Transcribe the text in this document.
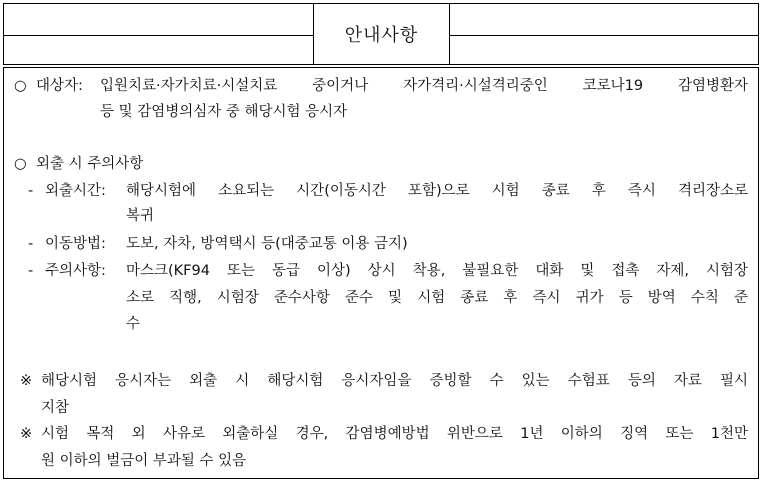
안내사항
○ 대상자: 입원치료·자가치료·시설치료 중이거나 자가격리·시설격리중인 코로나19 감염병환자
등 및 감염병의심자 중 해당시험 응시자
○ 외출 시 주의사항
- 외출시간: 해당시험에 소요되는 시간(이동시간 포함)으로 시험 종료 후 즉시 격리장소로
복귀
- 이동방법: 도보, 자차, 방역택시 등(대중교통 이용 금지)
- 주의사항: 마스크(KF94 또는 동급 이상) 상시 착용, 불필요한 대화 및 접촉 자제, 시험장
소로 직행, 시험장 준수사항 준수 및 시험 종료 후 즉시 귀가 등 방역 수칙 준
수
※ 해당시험 응시자는 외출 시 해당시험 응시자임을 증빙할 수 있는 수험표 등의 자료 필시
지참
※ 시험 목적 외 사유로 외출하실 경우, 감염병예방법 위반으로 1년 이하의 징역 또는 1천만
원 이하의 벌금이 부과될 수 있음
